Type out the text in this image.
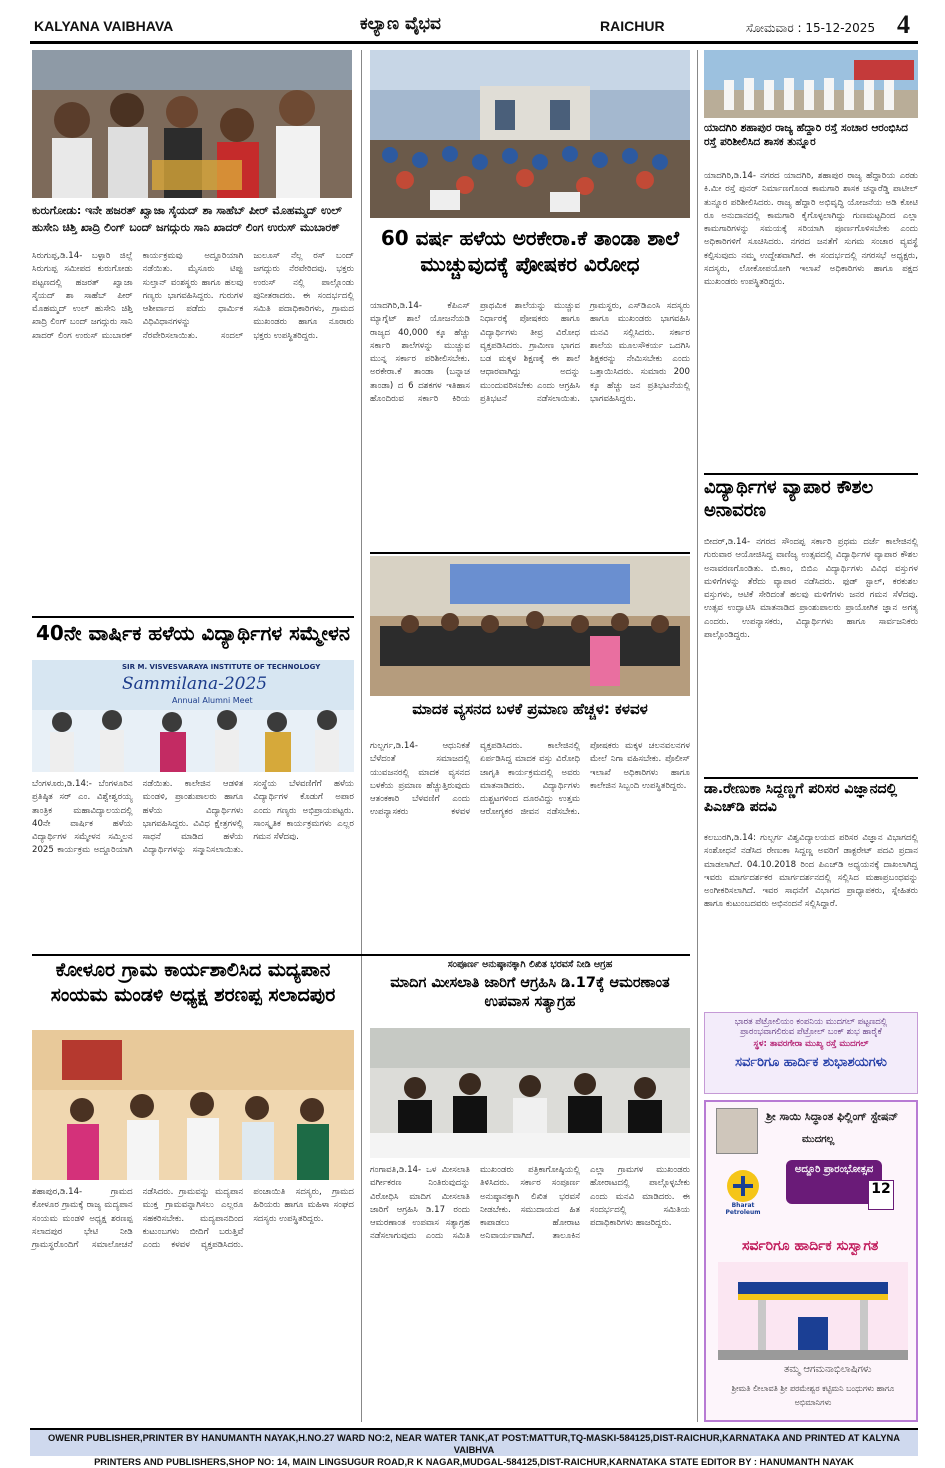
KALYANA VAIBHAVA	ಕಲ್ಯಾಣ ವೈಭವ	RAICHUR	ಸೋಮವಾರ : 15-12-2025 4
ಕುರುಗೋಡು: ಇನೇ ಹಜರತ್ ಖ್ವಾಜಾ ಸೈಯದ್ ಶಾ ಸಾಹೆಬ್ ಪೀರ್ ಮೊಹಮ್ಮದ್ ಉಲ್ ಹುಸೇನಿ ಚಿಶ್ತಿ ಖಾದ್ರಿ ಲಿಂಗ್ ಬಂದ್ ಜಗದ್ಗುರು ಸಾನಿ ಖಾದರ್ ಲಿಂಗ ಉರುಸ್ ಮುಬಾರಕ್
ಸಿರುಗುಪ್ಪ,ಡಿ.14- ಬಳ್ಳಾರಿ ಜಿಲ್ಲೆ ಸಿರುಗುಪ್ಪ ಸಮೀಪದ ಕುರುಗೋಡು ಪಟ್ಟಣದಲ್ಲಿ ಹಜರತ್ ಖ್ವಾಜಾ ಸೈಯದ್ ಶಾ ಸಾಹೆಬ್ ಪೀರ್ ಮೊಹಮ್ಮದ್ ಉಲ್ ಹುಸೇನಿ ಚಿಶ್ತಿ ಖಾದ್ರಿ ಲಿಂಗ್ ಬಂದ್ ಜಗದ್ಗುರು ಸಾನಿ ಖಾದರ್ ಲಿಂಗ ಉರುಸ್ ಮುಬಾರಕ್ ಕಾರ್ಯಕ್ರಮವು ಅದ್ದೂರಿಯಾಗಿ ನಡೆಯಿತು. ಮೈಸೂರು ಟಿಪ್ಪು ಸುಲ್ತಾನ್ ವಂಶಸ್ಥರು ಹಾಗೂ ಹಲವು ಗಣ್ಯರು ಭಾಗವಹಿಸಿದ್ದರು. ಗುರುಗಳ ಆಶೀರ್ವಾದ ಪಡೆದು ಧಾರ್ಮಿಕ ವಿಧಿವಿಧಾನಗಳನ್ನು ನೆರವೇರಿಸಲಾಯಿತು. ಸಂದಲ್ ಜುಲೂಸ್ ನೆಲ್ಲ ರಸ್ ಬಂದ್ ಜಗದ್ಗುರು ನೆರವೇರಿದವು. ಭಕ್ತರು ಉರುಸ್ ನಲ್ಲಿ ಪಾಲ್ಗೊಂಡು ಪುನೀತರಾದರು. ಈ ಸಂದರ್ಭದಲ್ಲಿ ಸಮಿತಿ ಪದಾಧಿಕಾರಿಗಳು, ಗ್ರಾಮದ ಮುಖಂಡರು ಹಾಗೂ ನೂರಾರು ಭಕ್ತರು ಉಪಸ್ಥಿತರಿದ್ದರು.
60 ವರ್ಷ ಹಳೆಯ ಅರಕೇರಾ.ಕೆ ತಾಂಡಾ ಶಾಲೆ ಮುಚ್ಚುವುದಕ್ಕೆ ಪೋಷಕರ ವಿರೋಧ
ಯಾದಗಿರಿ,ಡಿ.14- ಕೆಪಿಎಸ್ ಮ್ಯಾಗ್ನೆಟ್ ಶಾಲೆ ಯೋಜನೆಯಡಿ ರಾಜ್ಯದ 40,000 ಕ್ಕೂ ಹೆಚ್ಚು ಸರ್ಕಾರಿ ಶಾಲೆಗಳನ್ನು ಮುಚ್ಚುವ ಮುನ್ನ ಸರ್ಕಾರ ಪರಿಶೀಲಿಸಬೇಕು. ಅರಕೇರಾ.ಕೆ ತಾಂಡಾ (ಬನ್ನಾಚ ತಾಂಡಾ) ದ 6 ದಶಕಗಳ ಇತಿಹಾಸ ಹೊಂದಿರುವ ಸರ್ಕಾರಿ ಕಿರಿಯ ಪ್ರಾಥಮಿಕ ಶಾಲೆಯನ್ನು ಮುಚ್ಚುವ ನಿರ್ಧಾರಕ್ಕೆ ಪೋಷಕರು ಹಾಗೂ ವಿದ್ಯಾರ್ಥಿಗಳು ತೀವ್ರ ವಿರೋಧ ವ್ಯಕ್ತಪಡಿಸಿದರು. ಗ್ರಾಮೀಣ ಭಾಗದ ಬಡ ಮಕ್ಕಳ ಶಿಕ್ಷಣಕ್ಕೆ ಈ ಶಾಲೆ ಆಧಾರವಾಗಿದ್ದು ಅದನ್ನು ಮುಂದುವರಿಸಬೇಕು ಎಂದು ಆಗ್ರಹಿಸಿ ಪ್ರತಿಭಟನೆ ನಡೆಸಲಾಯಿತು. ಗ್ರಾಮಸ್ಥರು, ಎಸ್‌ಡಿಎಂಸಿ ಸದಸ್ಯರು ಹಾಗೂ ಮುಖಂಡರು ಭಾಗವಹಿಸಿ ಮನವಿ ಸಲ್ಲಿಸಿದರು. ಸರ್ಕಾರ ಶಾಲೆಯ ಮೂಲಸೌಕರ್ಯ ಒದಗಿಸಿ ಶಿಕ್ಷಕರನ್ನು ನೇಮಿಸಬೇಕು ಎಂದು ಒತ್ತಾಯಿಸಿದರು. ಸುಮಾರು 200 ಕ್ಕೂ ಹೆಚ್ಚು ಜನ ಪ್ರತಿಭಟನೆಯಲ್ಲಿ ಭಾಗವಹಿಸಿದ್ದರು.
ಯಾದಗಿರಿ ಶಹಾಪುರ ರಾಜ್ಯ ಹೆದ್ದಾರಿ ರಸ್ತೆ ಸಂಚಾರ ಆರಂಭಿಸಿದ ರಸ್ತೆ ಪರಿಶೀಲಿಸಿದ ಶಾಸಕ ತುನ್ನೂರ
ಯಾದಗಿರಿ,ಡಿ.14- ನಗರದ ಯಾದಗಿರಿ, ಶಹಾಪುರ ರಾಜ್ಯ ಹೆದ್ದಾರಿಯ ಎರಡು ಕಿ.ಮೀ ರಸ್ತೆ ಪುನರ್ ನಿರ್ಮಾಣಗೊಂಡ ಕಾಮಗಾರಿ ಶಾಸಕ ಚನ್ನಾರೆಡ್ಡಿ ಪಾಟೀಲ್ ತುನ್ನೂರ ಪರಿಶೀಲಿಸಿದರು. ರಾಜ್ಯ ಹೆದ್ದಾರಿ ಅಭಿವೃದ್ಧಿ ಯೋಜನೆಯ ಅಡಿ ಕೋಟಿ ರೂ ಅನುದಾನದಲ್ಲಿ ಕಾಮಗಾರಿ ಕೈಗೊಳ್ಳಲಾಗಿದ್ದು ಗುಣಮಟ್ಟದಿಂದ ಎಲ್ಲಾ ಕಾಮಗಾರಿಗಳನ್ನು ಸಮಯಕ್ಕೆ ಸರಿಯಾಗಿ ಪೂರ್ಣಗೊಳಿಸಬೇಕು ಎಂದು ಅಧಿಕಾರಿಗಳಿಗೆ ಸೂಚಿಸಿದರು. ನಗರದ ಜನತೆಗೆ ಸುಗಮ ಸಂಚಾರ ವ್ಯವಸ್ಥೆ ಕಲ್ಪಿಸುವುದು ನಮ್ಮ ಉದ್ದೇಶವಾಗಿದೆ. ಈ ಸಂದರ್ಭದಲ್ಲಿ ನಗರಸಭೆ ಅಧ್ಯಕ್ಷರು, ಸದಸ್ಯರು, ಲೋಕೋಪಯೋಗಿ ಇಲಾಖೆ ಅಧಿಕಾರಿಗಳು ಹಾಗೂ ಪಕ್ಷದ ಮುಖಂಡರು ಉಪಸ್ಥಿತರಿದ್ದರು.
ವಿದ್ಯಾರ್ಥಿಗಳ ವ್ಯಾಪಾರ ಕೌಶಲ ಅನಾವರಣ
ಬೀದರ್,ಡಿ.14- ನಗರದ ಸೌಂದಪ್ಪ ಸರ್ಕಾರಿ ಪ್ರಥಮ ದರ್ಜೆ ಕಾಲೇಜಿನಲ್ಲಿ ಗುರುವಾರ ಆಯೋಜಿಸಿದ್ದ ವಾಣಿಜ್ಯ ಉತ್ಸವದಲ್ಲಿ ವಿದ್ಯಾರ್ಥಿಗಳ ವ್ಯಾಪಾರ ಕೌಶಲ ಅನಾವರಣಗೊಂಡಿತು. ಬಿ.ಕಾಂ, ಬಿಬಿಎ ವಿದ್ಯಾರ್ಥಿಗಳು ವಿವಿಧ ವಸ್ತುಗಳ ಮಳಿಗೆಗಳನ್ನು ತೆರೆದು ವ್ಯಾಪಾರ ನಡೆಸಿದರು. ಫುಡ್ ಸ್ಟಾಲ್, ಕರಕುಶಲ ವಸ್ತುಗಳು, ಆಟಿಕೆ ಸೇರಿದಂತೆ ಹಲವು ಮಳಿಗೆಗಳು ಜನರ ಗಮನ ಸೆಳೆದವು. ಉತ್ಸವ ಉದ್ಘಾಟಿಸಿ ಮಾತನಾಡಿದ ಪ್ರಾಂಶುಪಾಲರು ಪ್ರಾಯೋಗಿಕ ಜ್ಞಾನ ಅಗತ್ಯ ಎಂದರು. ಉಪನ್ಯಾಸಕರು, ವಿದ್ಯಾರ್ಥಿಗಳು ಹಾಗೂ ಸಾರ್ವಜನಿಕರು ಪಾಲ್ಗೊಂಡಿದ್ದರು.
ಡಾ.ರೇಣುಕಾ ಸಿದ್ದಣ್ಣಗೆ ಪರಿಸರ ವಿಜ್ಞಾನದಲ್ಲಿ ಪಿಎಚ್‌ಡಿ ಪದವಿ
ಕಲಬುರಗಿ,ಡಿ.14: ಗುಲ್ಬರ್ಗ ವಿಶ್ವವಿದ್ಯಾಲಯದ ಪರಿಸರ ವಿಜ್ಞಾನ ವಿಭಾಗದಲ್ಲಿ ಸಂಶೋಧನೆ ನಡೆಸಿದ ರೇಣುಕಾ ಸಿದ್ದಣ್ಣ ಅವರಿಗೆ ಡಾಕ್ಟರೇಟ್ ಪದವಿ ಪ್ರದಾನ ಮಾಡಲಾಗಿದೆ. 04.10.2018 ರಿಂದ ಪಿಎಚ್‌ಡಿ ಅಧ್ಯಯನಕ್ಕೆ ದಾಖಲಾಗಿದ್ದ ಇವರು ಮಾರ್ಗದರ್ಶಕರ ಮಾರ್ಗದರ್ಶನದಲ್ಲಿ ಸಲ್ಲಿಸಿದ ಮಹಾಪ್ರಬಂಧವನ್ನು ಅಂಗೀಕರಿಸಲಾಗಿದೆ. ಇವರ ಸಾಧನೆಗೆ ವಿಭಾಗದ ಪ್ರಾಧ್ಯಾಪಕರು, ಸ್ನೇಹಿತರು ಹಾಗೂ ಕುಟುಂಬದವರು ಅಭಿನಂದನೆ ಸಲ್ಲಿಸಿದ್ದಾರೆ.
ಮಾದಕ ವ್ಯಸನದ ಬಳಕೆ ಪ್ರಮಾಣ ಹೆಚ್ಚಳ: ಕಳವಳ
ಗುಲ್ಬರ್ಗ,ಡಿ.14- ಆಧುನಿಕತೆ ಬೆಳೆದಂತೆ ಸಮಾಜದಲ್ಲಿ ಯುವಜನರಲ್ಲಿ ಮಾದಕ ವ್ಯಸನದ ಬಳಕೆಯ ಪ್ರಮಾಣ ಹೆಚ್ಚುತ್ತಿರುವುದು ಆತಂಕಕಾರಿ ಬೆಳವಣಿಗೆ ಎಂದು ಉಪನ್ಯಾಸಕರು ಕಳವಳ ವ್ಯಕ್ತಪಡಿಸಿದರು. ಕಾಲೇಜಿನಲ್ಲಿ ಏರ್ಪಡಿಸಿದ್ದ ಮಾದಕ ವಸ್ತು ವಿರೋಧಿ ಜಾಗೃತಿ ಕಾರ್ಯಕ್ರಮದಲ್ಲಿ ಅವರು ಮಾತನಾಡಿದರು. ವಿದ್ಯಾರ್ಥಿಗಳು ದುಶ್ಚಟಗಳಿಂದ ದೂರವಿದ್ದು ಉತ್ತಮ ಆರೋಗ್ಯಕರ ಜೀವನ ನಡೆಸಬೇಕು. ಪೋಷಕರು ಮಕ್ಕಳ ಚಲನವಲನಗಳ ಮೇಲೆ ನಿಗಾ ವಹಿಸಬೇಕು. ಪೊಲೀಸ್ ಇಲಾಖೆ ಅಧಿಕಾರಿಗಳು ಹಾಗೂ ಕಾಲೇಜಿನ ಸಿಬ್ಬಂದಿ ಉಪಸ್ಥಿತರಿದ್ದರು.
40ನೇ ವಾರ್ಷಿಕ ಹಳೆಯ ವಿದ್ಯಾರ್ಥಿಗಳ ಸಮ್ಮೇಳನ
SIR M. VISVESVARAYA INSTITUTE OF TECHNOLOGY
Sammilana-2025
Annual Alumni Meet
ಬೆಂಗಳೂರು,ಡಿ.14:- ಬೆಂಗಳೂರಿನ ಪ್ರತಿಷ್ಠಿತ ಸರ್ ಎಂ. ವಿಶ್ವೇಶ್ವರಯ್ಯ ತಾಂತ್ರಿಕ ಮಹಾವಿದ್ಯಾಲಯದಲ್ಲಿ 40ನೇ ವಾರ್ಷಿಕ ಹಳೆಯ ವಿದ್ಯಾರ್ಥಿಗಳ ಸಮ್ಮೇಳನ ಸಮ್ಮಿಲನ 2025 ಕಾರ್ಯಕ್ರಮ ಅದ್ದೂರಿಯಾಗಿ ನಡೆಯಿತು. ಕಾಲೇಜಿನ ಆಡಳಿತ ಮಂಡಳಿ, ಪ್ರಾಂಶುಪಾಲರು ಹಾಗೂ ಹಳೆಯ ವಿದ್ಯಾರ್ಥಿಗಳು ಭಾಗವಹಿಸಿದ್ದರು. ವಿವಿಧ ಕ್ಷೇತ್ರಗಳಲ್ಲಿ ಸಾಧನೆ ಮಾಡಿದ ಹಳೆಯ ವಿದ್ಯಾರ್ಥಿಗಳನ್ನು ಸನ್ಮಾನಿಸಲಾಯಿತು. ಸಂಸ್ಥೆಯ ಬೆಳವಣಿಗೆಗೆ ಹಳೆಯ ವಿದ್ಯಾರ್ಥಿಗಳ ಕೊಡುಗೆ ಅಪಾರ ಎಂದು ಗಣ್ಯರು ಅಭಿಪ್ರಾಯಪಟ್ಟರು. ಸಾಂಸ್ಕೃತಿಕ ಕಾರ್ಯಕ್ರಮಗಳು ಎಲ್ಲರ ಗಮನ ಸೆಳೆದವು.
ಕೋಳೂರ ಗ್ರಾಮ ಕಾರ್ಯಶಾಲಿಸಿದ ಮದ್ಯಪಾನ ಸಂಯಮ ಮಂಡಳಿ ಅಧ್ಯಕ್ಷ ಶರಣಪ್ಪ ಸಲಾದಪುರ
ಶಹಾಪುರ,ಡಿ.14- ಗ್ರಾಮದ ಕೋಳೂರ ಗ್ರಾಮಕ್ಕೆ ರಾಜ್ಯ ಮದ್ಯಪಾನ ಸಂಯಮ ಮಂಡಳಿ ಅಧ್ಯಕ್ಷ ಶರಣಪ್ಪ ಸಲಾದಪುರ ಭೇಟಿ ನೀಡಿ ಗ್ರಾಮಸ್ಥರೊಂದಿಗೆ ಸಮಾಲೋಚನೆ ನಡೆಸಿದರು. ಗ್ರಾಮವನ್ನು ಮದ್ಯಪಾನ ಮುಕ್ತ ಗ್ರಾಮವನ್ನಾಗಿಸಲು ಎಲ್ಲರೂ ಸಹಕರಿಸಬೇಕು. ಮದ್ಯಪಾನದಿಂದ ಕುಟುಂಬಗಳು ಬೀದಿಗೆ ಬರುತ್ತಿವೆ ಎಂದು ಕಳವಳ ವ್ಯಕ್ತಪಡಿಸಿದರು. ಪಂಚಾಯಿತಿ ಸದಸ್ಯರು, ಗ್ರಾಮದ ಹಿರಿಯರು ಹಾಗೂ ಮಹಿಳಾ ಸಂಘದ ಸದಸ್ಯರು ಉಪಸ್ಥಿತರಿದ್ದರು.
ಸಂಪೂರ್ಣ ಅನುಷ್ಠಾನಕ್ಕಾಗಿ ಲಿಖಿತ ಭರವಸೆ ನೀಡಿ ಆಗ್ರಹ
ಮಾದಿಗ ಮೀಸಲಾತಿ ಜಾರಿಗೆ ಆಗ್ರಹಿಸಿ ಡಿ.17ಕ್ಕೆ ಆಮರಣಾಂತ ಉಪವಾಸ ಸತ್ಯಾಗ್ರಹ
ಗಂಗಾವತಿ,ಡಿ.14- ಒಳ ಮೀಸಲಾತಿ ವರ್ಗೀಕರಣ ನಿಂತಿರುವುದನ್ನು ವಿರೋಧಿಸಿ ಮಾದಿಗ ಮೀಸಲಾತಿ ಜಾರಿಗೆ ಆಗ್ರಹಿಸಿ ಡಿ.17 ರಂದು ಆಮರಣಾಂತ ಉಪವಾಸ ಸತ್ಯಾಗ್ರಹ ನಡೆಸಲಾಗುವುದು ಎಂದು ಸಮಿತಿ ಮುಖಂಡರು ಪತ್ರಿಕಾಗೋಷ್ಠಿಯಲ್ಲಿ ತಿಳಿಸಿದರು. ಸರ್ಕಾರ ಸಂಪೂರ್ಣ ಅನುಷ್ಠಾನಕ್ಕಾಗಿ ಲಿಖಿತ ಭರವಸೆ ನೀಡಬೇಕು. ಸಮುದಾಯದ ಹಿತ ಕಾಪಾಡಲು ಹೋರಾಟ ಅನಿವಾರ್ಯವಾಗಿದೆ. ತಾಲೂಕಿನ ಎಲ್ಲಾ ಗ್ರಾಮಗಳ ಮುಖಂಡರು ಹೋರಾಟದಲ್ಲಿ ಪಾಲ್ಗೊಳ್ಳಬೇಕು ಎಂದು ಮನವಿ ಮಾಡಿದರು. ಈ ಸಂದರ್ಭದಲ್ಲಿ ಸಮಿತಿಯ ಪದಾಧಿಕಾರಿಗಳು ಹಾಜರಿದ್ದರು.
ಭಾರತ ಪೆಟ್ರೋಲಿಯಂ ಕಂಪನಿಯ ಮುದಗಲ್ ಪಟ್ಟಣದಲ್ಲಿ
ಪ್ರಾರಂಭವಾಗಲಿರುವ ಪೆಟ್ರೋಲ್ ಬಂಕ್ ಶುಭ ಹಾರೈಕೆ
ಸ್ಥಳ: ತಾವರಗೇರಾ ಮುಖ್ಯ ರಸ್ತೆ ಮುದಗಲ್
ಸರ್ವರಿಗೂ ಹಾರ್ದಿಕ ಶುಭಾಶಯಗಳು
ಶ್ರೀ ಸಾಯಿ ಸಿದ್ಧಾಂತ ಫಿಲ್ಲಿಂಗ್ ಸ್ಟೇಷನ್
ಮುದಗಲ್ಲ
Bharat Petroleum
ಅದ್ದೂರಿ ಪ್ರಾರಂಭೋತ್ಸವ
12
ಸರ್ವರಿಗೂ ಹಾರ್ದಿಕ ಸುಸ್ವಾಗತ
ತಮ್ಮ ಆಗಮನಾಭಿಲಾಷಿಗಳು
ಶ್ರೀಮತಿ ಲೀಲಾವತಿ ಶ್ರೀ ಪರಮೇಶ್ವರ ಕಟ್ಟಿಮನಿ ಬಂಧುಗಳು ಹಾಗೂ ಅಭಿಮಾನಿಗಳು
OWENR PUBLISHER,PRINTER BY HANUMANTH NAYAK,H.NO.27 WARD NO:2, NEAR WATER TANK,AT POST:MATTUR,TQ-MASKI-584125,DIST-RAICHUR,KARNATAKA AND PRINTED AT KALYNA VAIBHVA
PRINTERS AND PUBLISHERS,SHOP NO: 14, MAIN LINGSUGUR ROAD,R K NAGAR,MUDGAL-584125,DIST-RAICHUR,KARNATAKA STATE EDITOR BY : HANUMANTH NAYAK
